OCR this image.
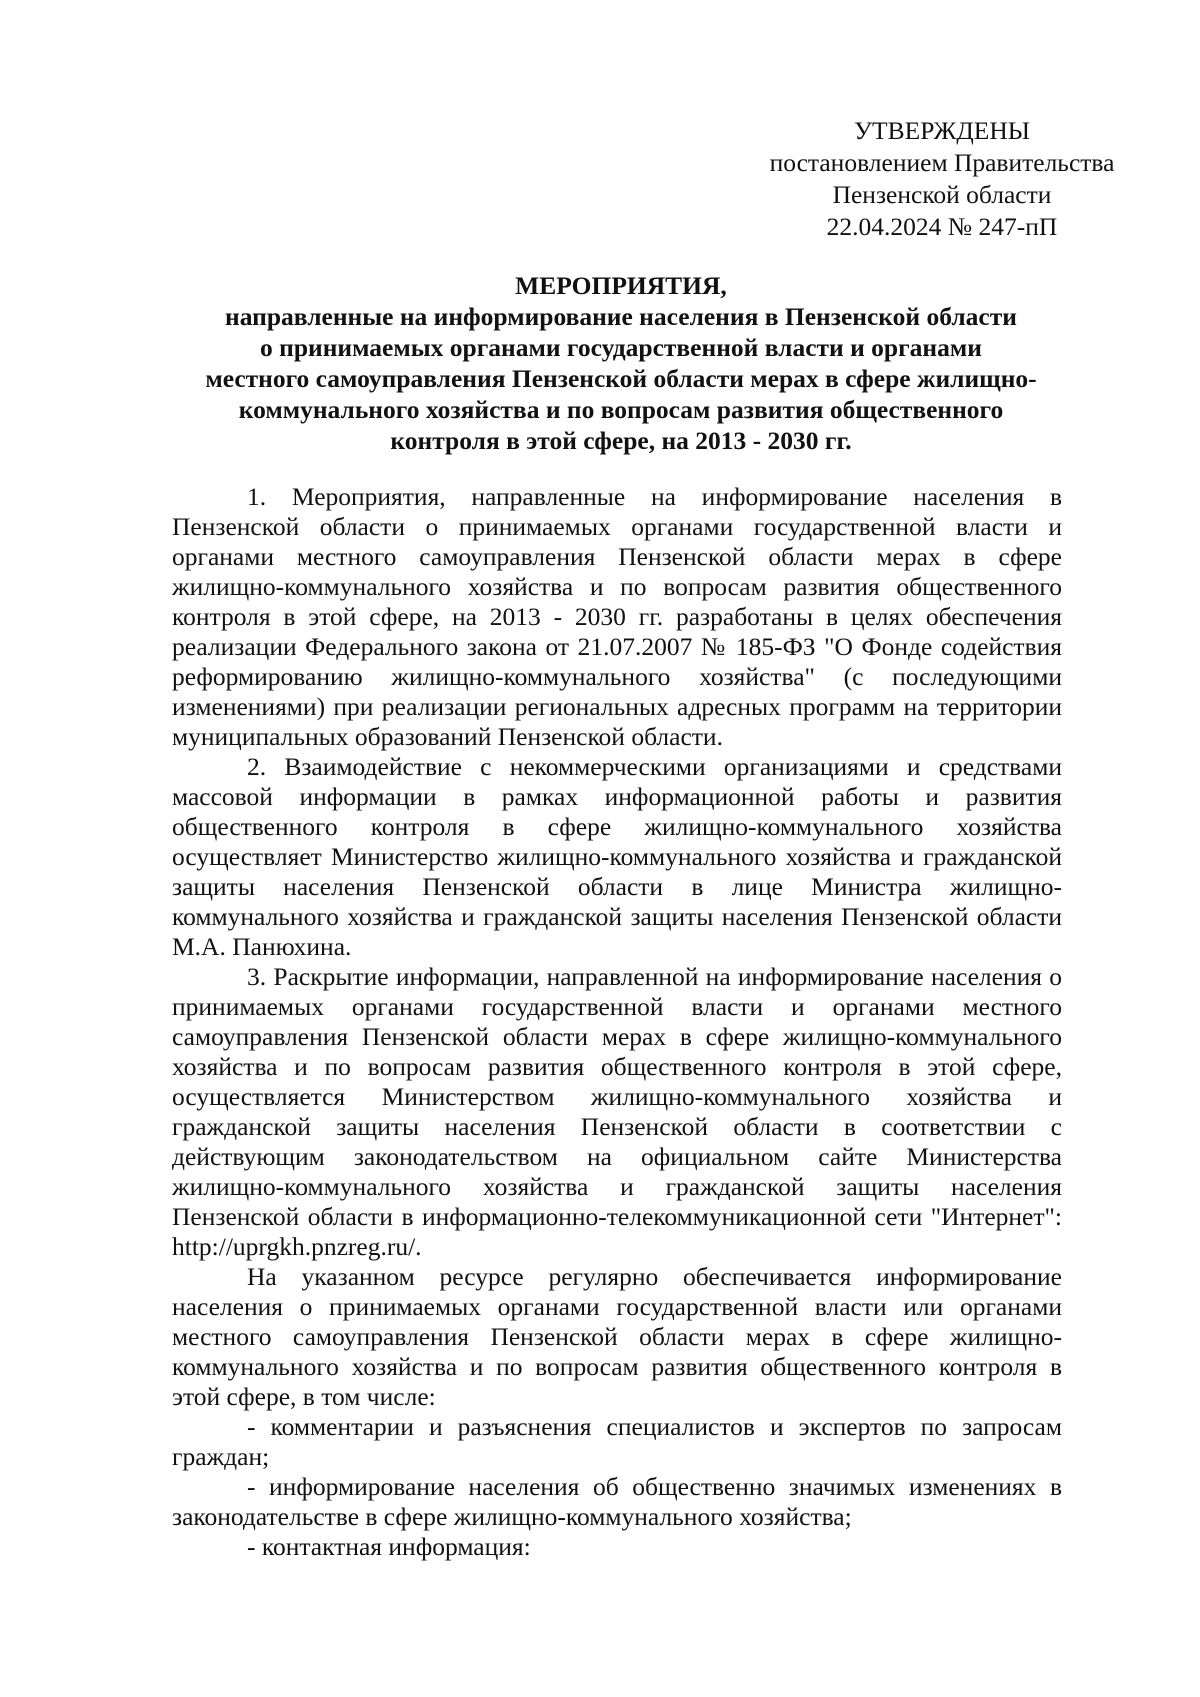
УТВЕРЖДЕНЫ
постановлением Правительства
Пензенской области
22.04.2024 № 247-пП
МЕРОПРИЯТИЯ,
направленные на информирование населения в Пензенской области
о принимаемых органами государственной власти и органами
местного самоуправления Пензенской области мерах в сфере жилищно-
коммунального хозяйства и по вопросам развития общественного
контроля в этой сфере, на 2013 - 2030 гг.

1. Мероприятия, направленные на информирование населения в Пензенской области о принимаемых органами государственной власти и органами местного самоуправления Пензенской области мерах в сфере жилищно-коммунального хозяйства и по вопросам развития общественного контроля в этой сфере, на 2013 - 2030 гг. разработаны в целях обеспечения реализации Федерального закона от 21.07.2007 № 185-ФЗ "О Фонде содействия реформированию жилищно-коммунального хозяйства" (с последующими изменениями) при реализации региональных адресных программ на территории муниципальных образований Пензенской области.

2. Взаимодействие с некоммерческими организациями и средствами массовой информации в рамках информационной работы и развития общественного контроля в сфере жилищно-коммунального хозяйства осуществляет Министерство жилищно-коммунального хозяйства и гражданской защиты населения Пензенской области в лице Министра жилищно-коммунального хозяйства и гражданской защиты населения Пензенской области М.А. Панюхина.

3. Раскрытие информации, направленной на информирование населения о принимаемых органами государственной власти и органами местного самоуправления Пензенской области мерах в сфере жилищно-коммунального хозяйства и по вопросам развития общественного контроля в этой сфере, осуществляется Министерством жилищно-коммунального хозяйства и гражданской защиты населения Пензенской области в соответствии с действующим законодательством на официальном сайте Министерства жилищно-коммунального хозяйства и гражданской защиты населения Пензенской области в информационно-телекоммуникационной сети "Интернет": http://uprgkh.pnzreg.ru/.

На указанном ресурсе регулярно обеспечивается информирование населения о принимаемых органами государственной власти или органами местного самоуправления Пензенской области мерах в сфере жилищно-коммунального хозяйства и по вопросам развития общественного контроля в этой сфере, в том числе:

- комментарии и разъяснения специалистов и экспертов по запросам граждан;

- информирование населения об общественно значимых изменениях в законодательстве в сфере жилищно-коммунального хозяйства;

- контактная информация:
